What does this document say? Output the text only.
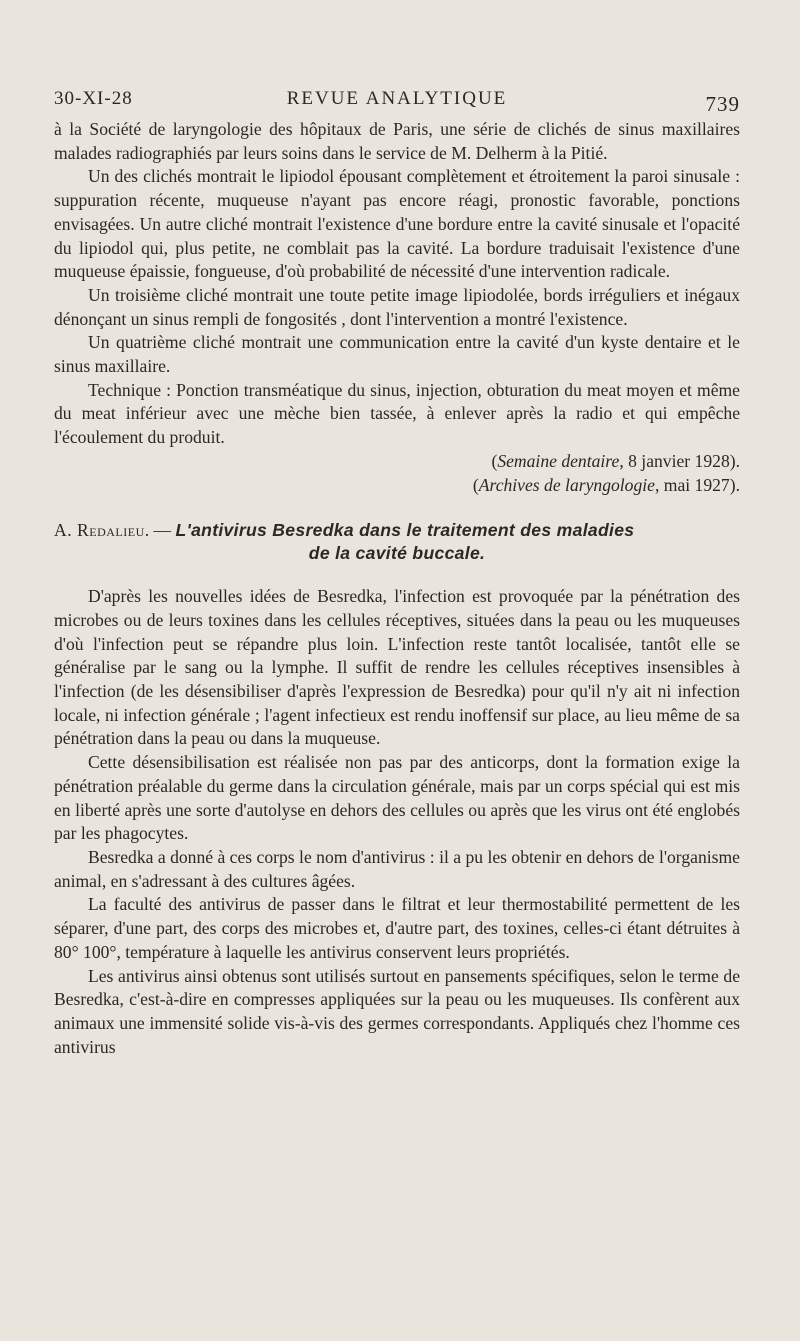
30-XI-28	REVUE ANALYTIQUE	739

à la Société de laryngologie des hôpitaux de Paris, une série de clichés de sinus maxillaires malades radiographiés par leurs soins dans le service de M. Delherm à la Pitié.

Un des clichés montrait le lipiodol épousant complètement et étroitement la paroi sinusale : suppuration récente, muqueuse n'ayant pas encore réagi, pronostic favorable, ponctions envisagées. Un autre cliché montrait l'existence d'une bordure entre la cavité sinusale et l'opacité du lipiodol qui, plus petite, ne comblait pas la cavité. La bordure traduisait l'existence d'une muqueuse épaissie, fongueuse, d'où probabilité de nécessité d'une intervention radicale.

Un troisième cliché montrait une toute petite image lipiodolée, bords irréguliers et inégaux dénonçant un sinus rempli de fongosités , dont l'intervention a montré l'existence.

Un quatrième cliché montrait une communication entre la cavité d'un kyste dentaire et le sinus maxillaire.

Technique : Ponction transméatique du sinus, injection, obturation du meat moyen et même du meat inférieur avec une mèche bien tassée, à enlever après la radio et qui empêche l'écoulement du produit.

(Semaine dentaire, 8 janvier 1928).

(Archives de laryngologie, mai 1927).

A. Redalieu. — L'antivirus Besredka dans le traitement des maladies
de la cavité buccale.

D'après les nouvelles idées de Besredka, l'infection est provoquée par la pénétration des microbes ou de leurs toxines dans les cellules réceptives, situées dans la peau ou les muqueuses d'où l'infection peut se répandre plus loin. L'infection reste tantôt localisée, tantôt elle se généralise par le sang ou la lymphe. Il suffit de rendre les cellules réceptives insensibles à l'infection (de les désensibiliser d'après l'expression de Besredka) pour qu'il n'y ait ni infection locale, ni infection générale ; l'agent infectieux est rendu inoffensif sur place, au lieu même de sa pénétration dans la peau ou dans la muqueuse.

Cette désensibilisation est réalisée non pas par des anticorps, dont la formation exige la pénétration préalable du germe dans la circulation générale, mais par un corps spécial qui est mis en liberté après une sorte d'autolyse en dehors des cellules ou après que les virus ont été englobés par les phagocytes.

Besredka a donné à ces corps le nom d'antivirus : il a pu les obtenir en dehors de l'organisme animal, en s'adressant à des cultures âgées.

La faculté des antivirus de passer dans le filtrat et leur thermostabilité permettent de les séparer, d'une part, des corps des microbes et, d'autre part, des toxines, celles-ci étant détruites à 80° 100°, température à laquelle les antivirus conservent leurs propriétés.

Les antivirus ainsi obtenus sont utilisés surtout en pansements spécifiques, selon le terme de Besredka, c'est-à-dire en compresses appliquées sur la peau ou les muqueuses. Ils confèrent aux animaux une immensité solide vis-à-vis des germes correspondants. Appliqués chez l'homme ces antivirus
